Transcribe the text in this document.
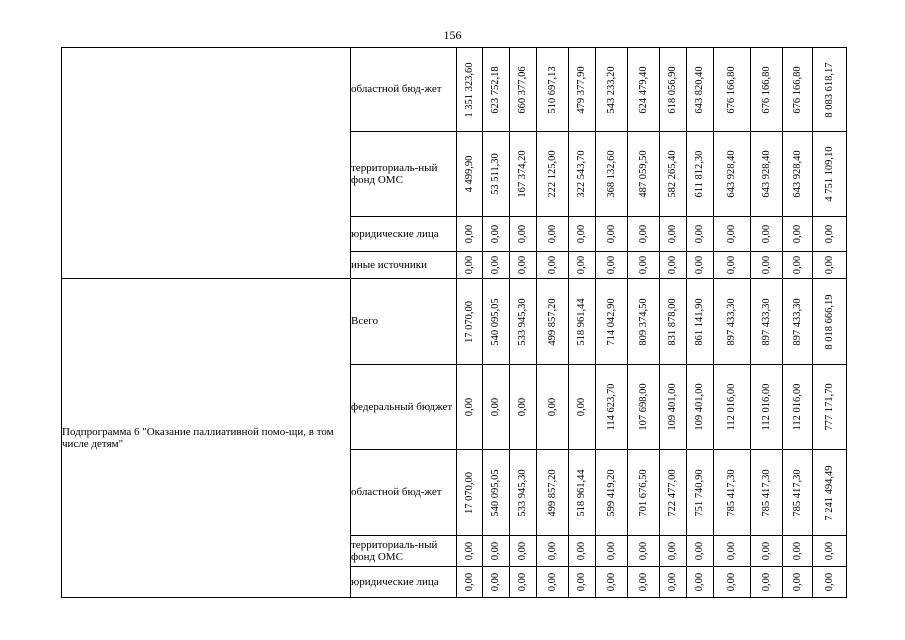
156

	областной бюд-жет	1 351 323,60	623 752,18	660 377,06	510 697,13	479 377,90	543 233,20	624 479,40	618 056,90	643 820,40	676 166,80	676 166,80	676 166,80	8 083 618,17

	территориаль-ный фонд ОМС	4 499,90	53 511,30	167 374,20	222 125,00	322 543,70	368 132,60	487 059,50	582 265,40	611 812,30	643 928,40	643 928,40	643 928,40	4 751 109,10

	юридические лица	0,00	0,00	0,00	0,00	0,00	0,00	0,00	0,00	0,00	0,00	0,00	0,00	0,00

	иные источники	0,00	0,00	0,00	0,00	0,00	0,00	0,00	0,00	0,00	0,00	0,00	0,00	0,00

Подпрограмма 6 "Оказание паллиативной помо-щи, в том числе детям"	Всего	17 070,00	540 095,05	533 945,30	499 857,20	518 961,44	714 042,90	809 374,50	831 878,00	861 141,90	897 433,30	897 433,30	897 433,30	8 018 666,19

	федеральный бюджет	0,00	0,00	0,00	0,00	0,00	114 623,70	107 698,00	109 401,00	109 401,00	112 016,00	112 016,00	112 016,00	777 171,70

	областной бюд-жет	17 070,00	540 095,05	533 945,30	499 857,20	518 961,44	599 419,20	701 676,50	722 477,00	751 740,90	785 417,30	785 417,30	785 417,30	7 241 494,49

	территориаль-ный фонд ОМС	0,00	0,00	0,00	0,00	0,00	0,00	0,00	0,00	0,00	0,00	0,00	0,00	0,00

	юридические лица	0,00	0,00	0,00	0,00	0,00	0,00	0,00	0,00	0,00	0,00	0,00	0,00	0,00
